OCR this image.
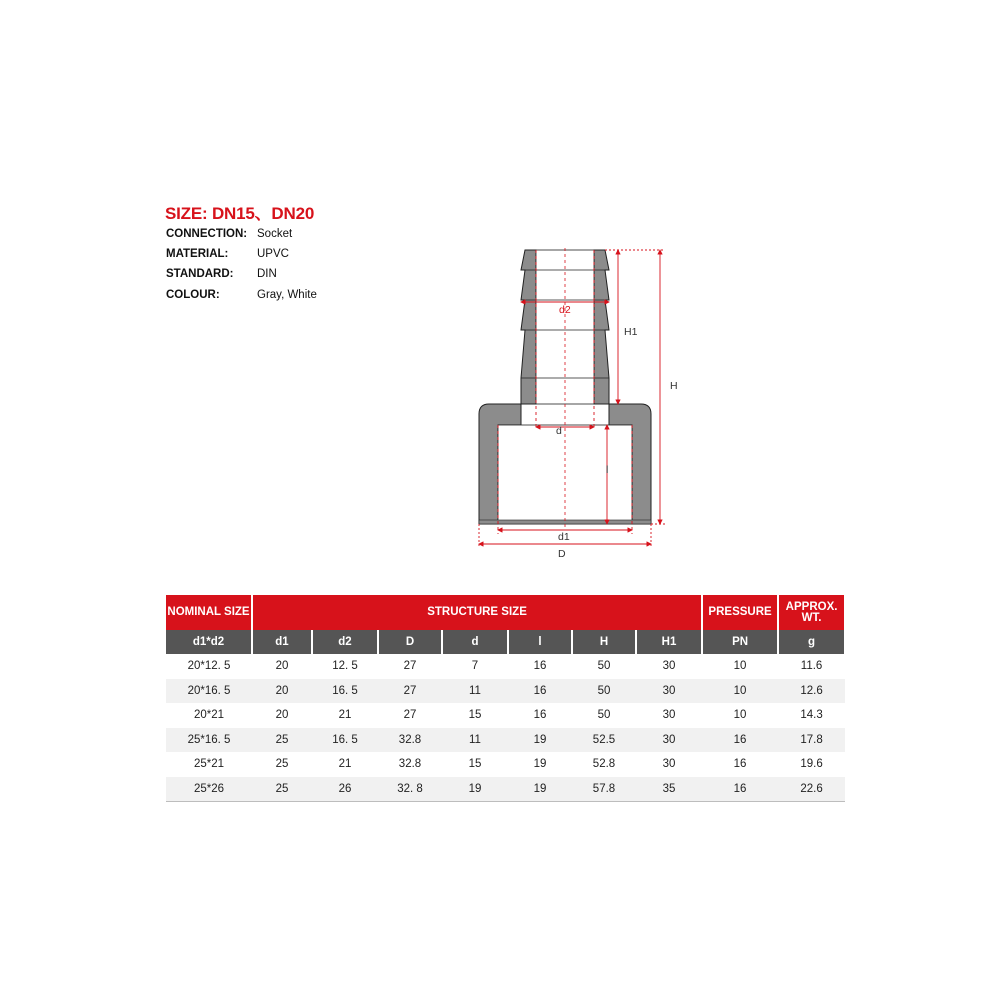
SIZE: DN15、DN20
CONNECTION: Socket
MATERIAL: UPVC
STANDARD: DIN
COLOUR:	Gray, White
d2
d
d1
D
H1
H
l
NOMINAL SIZE	STRUCTURE SIZE							PRESSURE	APPROX. WT.
d1*d2	d1	d2	D	d	l	H	H1	PN	g
20*12. 5	20	12. 5	27	7	16	50	30	10	11.6
20*16. 5	20	16. 5	27	11	16	50	30	10	12.6
20*21	20	21	27	15	16	50	30	10	14.3
25*16. 5	25	16. 5	32.8	11	19	52.5	30	16	17.8
25*21	25	21	32.8	15	19	52.8	30	16	19.6
25*26	25	26	32. 8	19	19	57.8	35	16	22.6
